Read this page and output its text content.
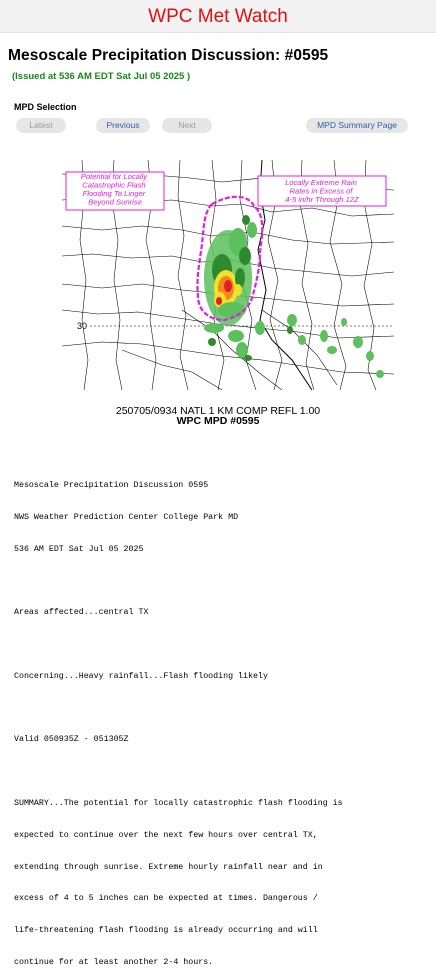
WPC Met Watch
Mesoscale Precipitation Discussion: #0595
(Issued at 536 AM EDT Sat Jul 05 2025 )
MPD Selection
Latest	Previous	Next	MPD Summary Page
30
Potential for Locally Catastrophic Flash Flooding To Linger Beyond Sunrise
Locally Extreme Rain Rates in Excess of 4-5 in/hr Through 12Z
250705/0934 NATL 1 KM COMP REFL 1.00
WPC MPD #0595

Mesoscale Precipitation Discussion 0595

NWS Weather Prediction Center College Park MD

536 AM EDT Sat Jul 05 2025

Areas affected...central TX

Concerning...Heavy rainfall...Flash flooding likely

Valid 050935Z - 051305Z

SUMMARY...The potential for locally catastrophic flash flooding is

expected to continue over the next few hours over central TX,

extending through sunrise. Extreme hourly rainfall near and in

excess of 4 to 5 inches can be expected at times. Dangerous /

life-threatening flash flooding is already occurring and will

continue for at least another 2-4 hours.
